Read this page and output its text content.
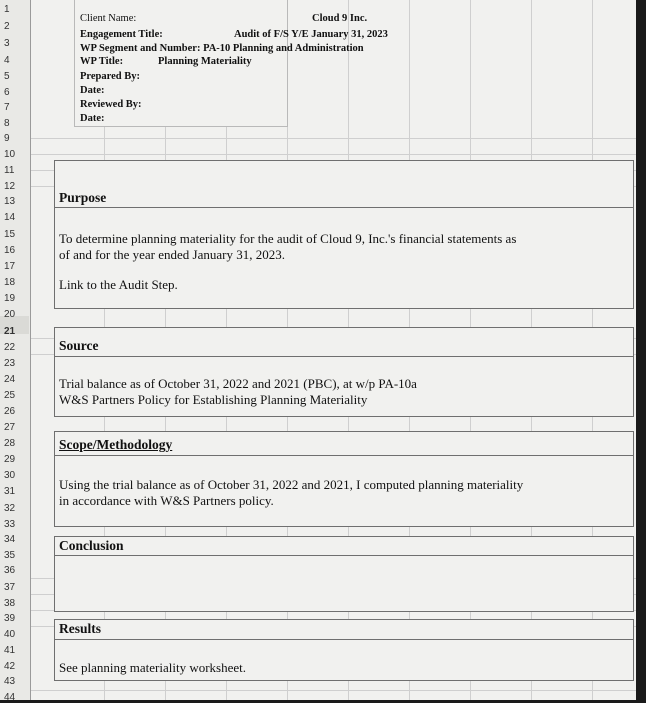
Client Name:	Cloud 9 Inc.
Engagement Title:	Audit of F/S Y/E January 31, 2023
WP Segment and Number: PA-10 Planning and Administration
WP Title:	Planning Materiality
Prepared By:
Date:
Reviewed By:
Date:
Purpose
To determine planning materiality for the audit of Cloud 9, Inc.'s financial statements as
of and for the year ended January 31, 2023.
Link to the Audit Step.
Source
Trial balance as of October 31, 2022 and 2021 (PBC), at w/p PA-10a
W&S Partners Policy for Establishing Planning Materiality
Scope/Methodology
Using the trial balance as of October 31, 2022 and 2021, I computed planning materiality
in accordance with W&S Partners policy.
Conclusion
Results
See planning materiality worksheet.
1
2
3
4
5
6
7
8
9
10
11
12
13
14
15
16
17
18
19
20
21
22
23
24
25
26
27
28
29
30
31
32
33
34
35
36
37
38
39
40
41
42
43
44
